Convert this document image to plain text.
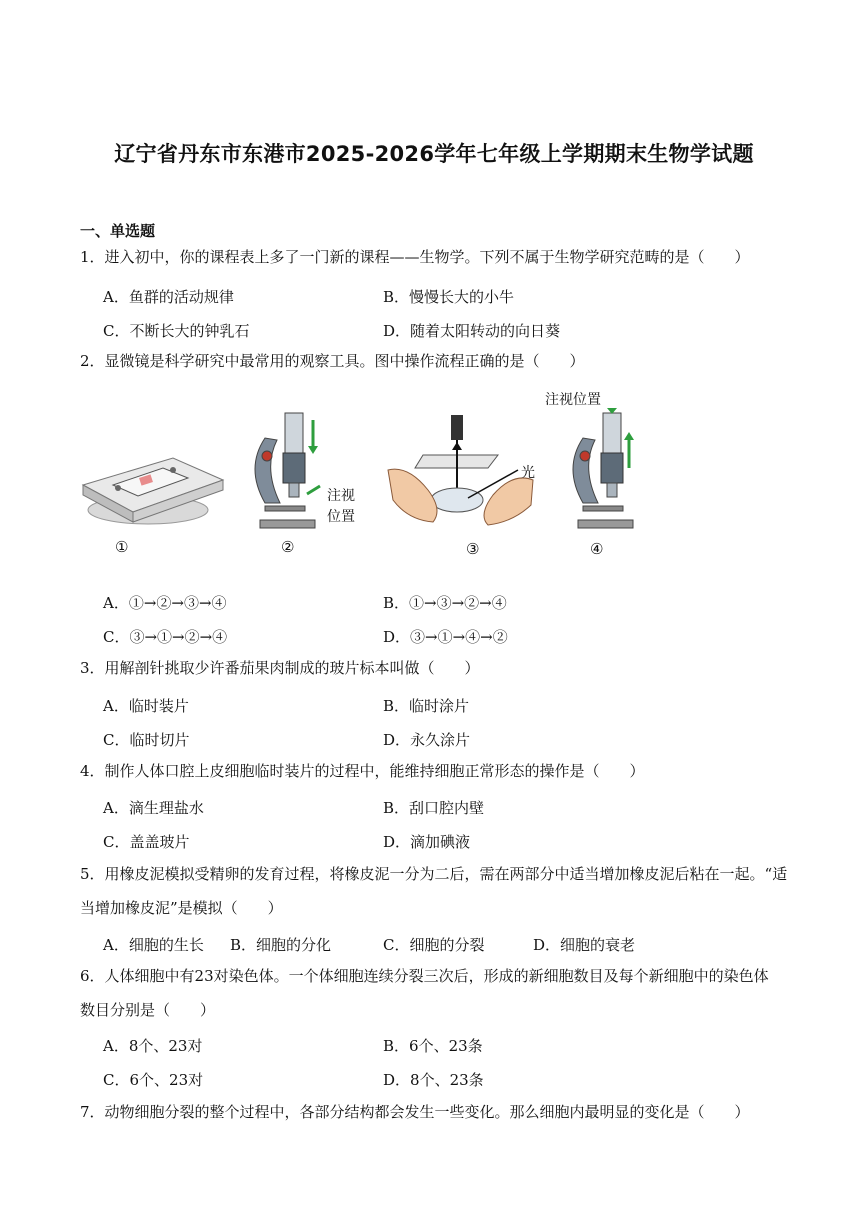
辽宁省丹东市东港市2025-2026学年七年级上学期期末生物学试题
一、单选题
1．进入初中，你的课程表上多了一门新的课程——生物学。下列不属于生物学研究范畴的是（　　）
A．鱼群的活动规律	B．慢慢长大的小牛
C．不断长大的钟乳石	D．随着太阳转动的向日葵
2．显微镜是科学研究中最常用的观察工具。图中操作流程正确的是（　　）
①
注视
位置
②
光
③
注视位置
④
A．①→②→③→④	B．①→③→②→④
C．③→①→②→④	D．③→①→④→②
3．用解剖针挑取少许番茄果肉制成的玻片标本叫做（　　）
A．临时装片	B．临时涂片
C．临时切片	D．永久涂片
4．制作人体口腔上皮细胞临时装片的过程中，能维持细胞正常形态的操作是（　　）
A．滴生理盐水	B．刮口腔内壁
C．盖盖玻片	D．滴加碘液
5．用橡皮泥模拟受精卵的发育过程，将橡皮泥一分为二后，需在两部分中适当增加橡皮泥后粘在一起。“适
当增加橡皮泥”是模拟（　　）
A．细胞的生长 B．细胞的分化	C．细胞的分裂	D．细胞的衰老
6．人体细胞中有23对染色体。一个体细胞连续分裂三次后，形成的新细胞数目及每个新细胞中的染色体
数目分别是（　　）
A．8个、23对	B．6个、23条
C．6个、23对	D．8个、23条
7．动物细胞分裂的整个过程中，各部分结构都会发生一些变化。那么细胞内最明显的变化是（　　）
